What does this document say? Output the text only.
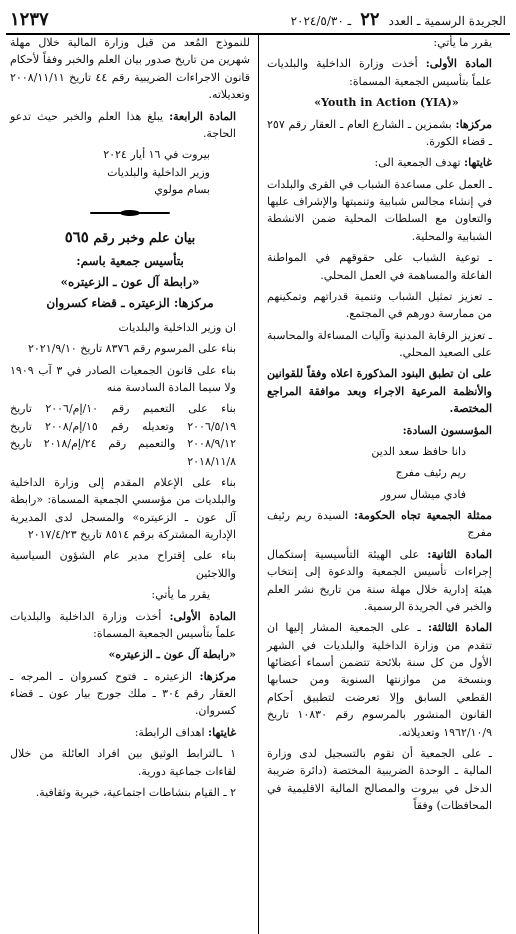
الجريدة الرسمية ـ العدد ٢٢ ـ ٢٠٢٤/٥/٣٠
١٢٣٧

يقرر ما يأتي:

المادة الأولى: أخذت وزارة الداخلية والبلديات علماً بتأسيس الجمعية المسماة:

«Youth in Action (YIA)»

مركزها: بشمزين ـ الشارع العام ـ العقار رقم ٢٥٧ ـ قضاء الكورة.

غايتها: تهدف الجمعية الى:

ـ العمل على مساعدة الشباب في القرى والبلدات في إنشاء مجالس شبابية وتنميتها والإشراف عليها والتعاون مع السلطات المحلية ضمن الانشطة الشبابية والمحلية.

ـ توعية الشباب على حقوقهم في المواطنة الفاعلة والمساهمة في العمل المحلي.

ـ تعزيز تمثيل الشباب وتنمية قدراتهم وتمكينهم من ممارسة دورهم في المجتمع.

ـ تعزيز الرقابة المدنية وآليات المساءلة والمحاسبة على الصعيد المحلي.

على ان تطبق البنود المذكورة اعلاه وفقاً للقوانين والأنظمة المرعية الاجراء وبعد موافقة المراجع المختصة.

المؤسسون السادة:

دانا حافظ سعد الدين

ريم رئيف مفرج

فادي ميشال سرور

ممثلة الجمعية تجاه الحكومة: السيدة ريم رئيف مفرج

المادة الثانية: على الهيئة التأسيسية إستكمال إجراءات تأسيس الجمعية والدعوة إلى إنتخاب هيئة إدارية خلال مهلة سنة من تاريخ نشر العلم والخبر في الجريدة الرسمية.

المادة الثالثة: ـ على الجمعية المشار إليها ان تتقدم من وزارة الداخلية والبلديات في الشهر الأول من كل سنة بلائحة تتضمن أسماء أعضائها وبنسخة من موازنتها السنوية ومن حسابها القطعي السابق وإلا تعرضت لتطبيق أحكام القانون المنشور بالمرسوم رقم ١٠٨٣٠ تاريخ ١٩٦٢/١٠/٩ وتعديلاته.

ـ على الجمعية أن تقوم بالتسجيل لدى وزارة المالية ـ الوحدة الضريبية المختصة (دائرة ضريبة الدخل في بيروت والمصالح المالية الاقليمية في المحافظات) وفقاً

للنموذج المُعد من قبل وزارة المالية خلال مهلة شهرين من تاريخ صدور بيان العلم والخبر وفقاً لأحكام قانون الاجراءات الضريبية رقم ٤٤ تاريخ ٢٠٠٨/١١/١١ وتعديلاته.

المادة الرابعة: يبلغ هذا العلم والخبر حيث تدعو الحاجة.

بيروت في ١٦ أيار ٢٠٢٤

وزير الداخلية والبلديات

بسام مولوي

بيان علم وخبر رقم ٥٦٥

بتأسيس جمعية باسم:

«رابطة آل عون ـ الزعيتره»

مركزها: الزعيتره ـ قضاء كسروان

ان وزير الداخلية والبلديات

بناء على المرسوم رقم ٨٣٧٦ تاريخ ٢٠٢١/٩/١٠

بناء على قانون الجمعيات الصادر في ٣ آب ١٩٠٩ ولا سيما المادة السادسة منه

بناء على التعميم رقم ١٠/إم/٢٠٠٦ تاريخ ٢٠٠٦/٥/١٩ وتعديله رقم ١٥/إم/٢٠٠٨ تاريخ ٢٠٠٨/٩/١٢ والتعميم رقم ٢٤/إم/٢٠١٨ تاريخ ٢٠١٨/١١/٨

بناء على الإعلام المقدم إلى وزارة الداخلية والبلديات من مؤسسي الجمعية المسماة: «رابطة آل عون ـ الزعيتره» والمسجل لدى المديرية الإدارية المشتركة برقم ٨٥١٤ تاريخ ٢٠١٧/٤/٢٣

بناء على إقتراح مدير عام الشؤون السياسية واللاجئين

يقرر ما يأتي:

المادة الأولى: أخذت وزارة الداخلية والبلديات علماً بتأسيس الجمعية المسماة:

«رابطة آل عون ـ الزعيتره»

مركزها: الزعيتره ـ فتوح كسروان ـ المرجه ـ العقار رقم ٣٠٤ ـ ملك جورج بيار عون ـ قضاء كسروان.

غايتها: اهداف الرابطة:

١ ـالترابط الوثيق بين افراد العائلة من خلال لقاءات جماعية دورية.

٢ ـ القيام بنشاطات اجتماعية، خيرية وثقافية.
